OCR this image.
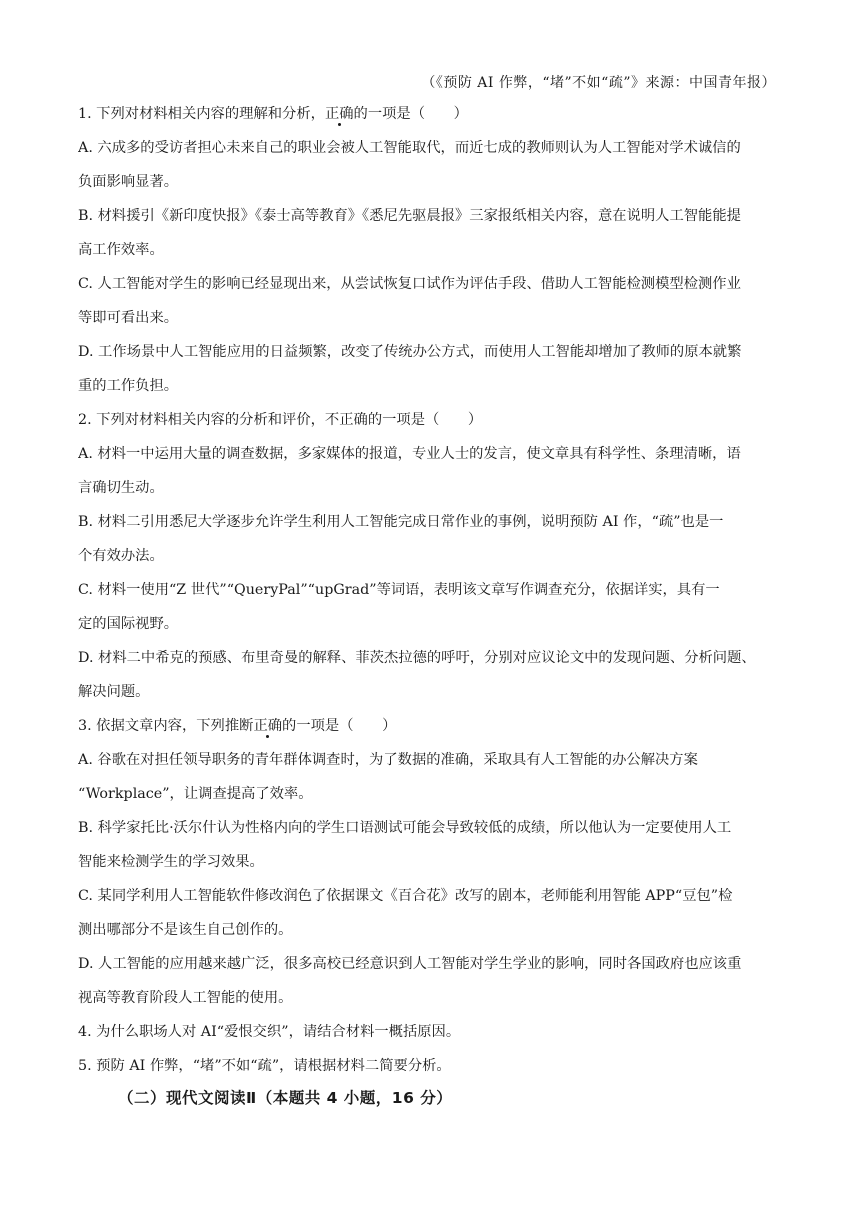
（《预防 AI 作弊，“堵”不如“疏”》来源：中国青年报）
1. 下列对材料相关内容的理解和分析，正确的一项是（　　）
A. 六成多的受访者担心未来自己的职业会被人工智能取代，而近七成的教师则认为人工智能对学术诚信的
负面影响显著。
B. 材料援引《新印度快报》《泰士高等教育》《悉尼先驱晨报》三家报纸相关内容，意在说明人工智能能提
高工作效率。
C. 人工智能对学生的影响已经显现出来，从尝试恢复口试作为评估手段、借助人工智能检测模型检测作业
等即可看出来。
D. 工作场景中人工智能应用的日益频繁，改变了传统办公方式，而使用人工智能却增加了教师的原本就繁
重的工作负担。
2. 下列对材料相关内容的分析和评价，不正确的一项是（　　）
A. 材料一中运用大量的调查数据，多家媒体的报道，专业人士的发言，使文章具有科学性、条理清晰，语
言确切生动。
B. 材料二引用悉尼大学逐步允许学生利用人工智能完成日常作业的事例，说明预防 AI 作，“疏”也是一
个有效办法。
C. 材料一使用“Z 世代”“QueryPal”“upGrad”等词语，表明该文章写作调查充分，依据详实，具有一
定的国际视野。
D. 材料二中希克的预感、布里奇曼的解释、菲茨杰拉德的呼吁，分别对应议论文中的发现问题、分析问题、
解决问题。
3. 依据文章内容，下列推断正确的一项是（　　）
A. 谷歌在对担任领导职务的青年群体调查时，为了数据的准确，采取具有人工智能的办公解决方案
“Workplace”，让调查提高了效率。
B. 科学家托比·沃尔什认为性格内向的学生口语测试可能会导致较低的成绩，所以他认为一定要使用人工
智能来检测学生的学习效果。
C. 某同学利用人工智能软件修改润色了依据课文《百合花》改写的剧本，老师能利用智能 APP“豆包”检
测出哪部分不是该生自己创作的。
D. 人工智能的应用越来越广泛，很多高校已经意识到人工智能对学生学业的影响，同时各国政府也应该重
视高等教育阶段人工智能的使用。
4. 为什么职场人对 AI“爱恨交织”，请结合材料一概括原因。
5. 预防 AI 作弊，“堵”不如“疏”，请根据材料二简要分析。
（二）现代文阅读Ⅱ（本题共 4 小题，16 分）
